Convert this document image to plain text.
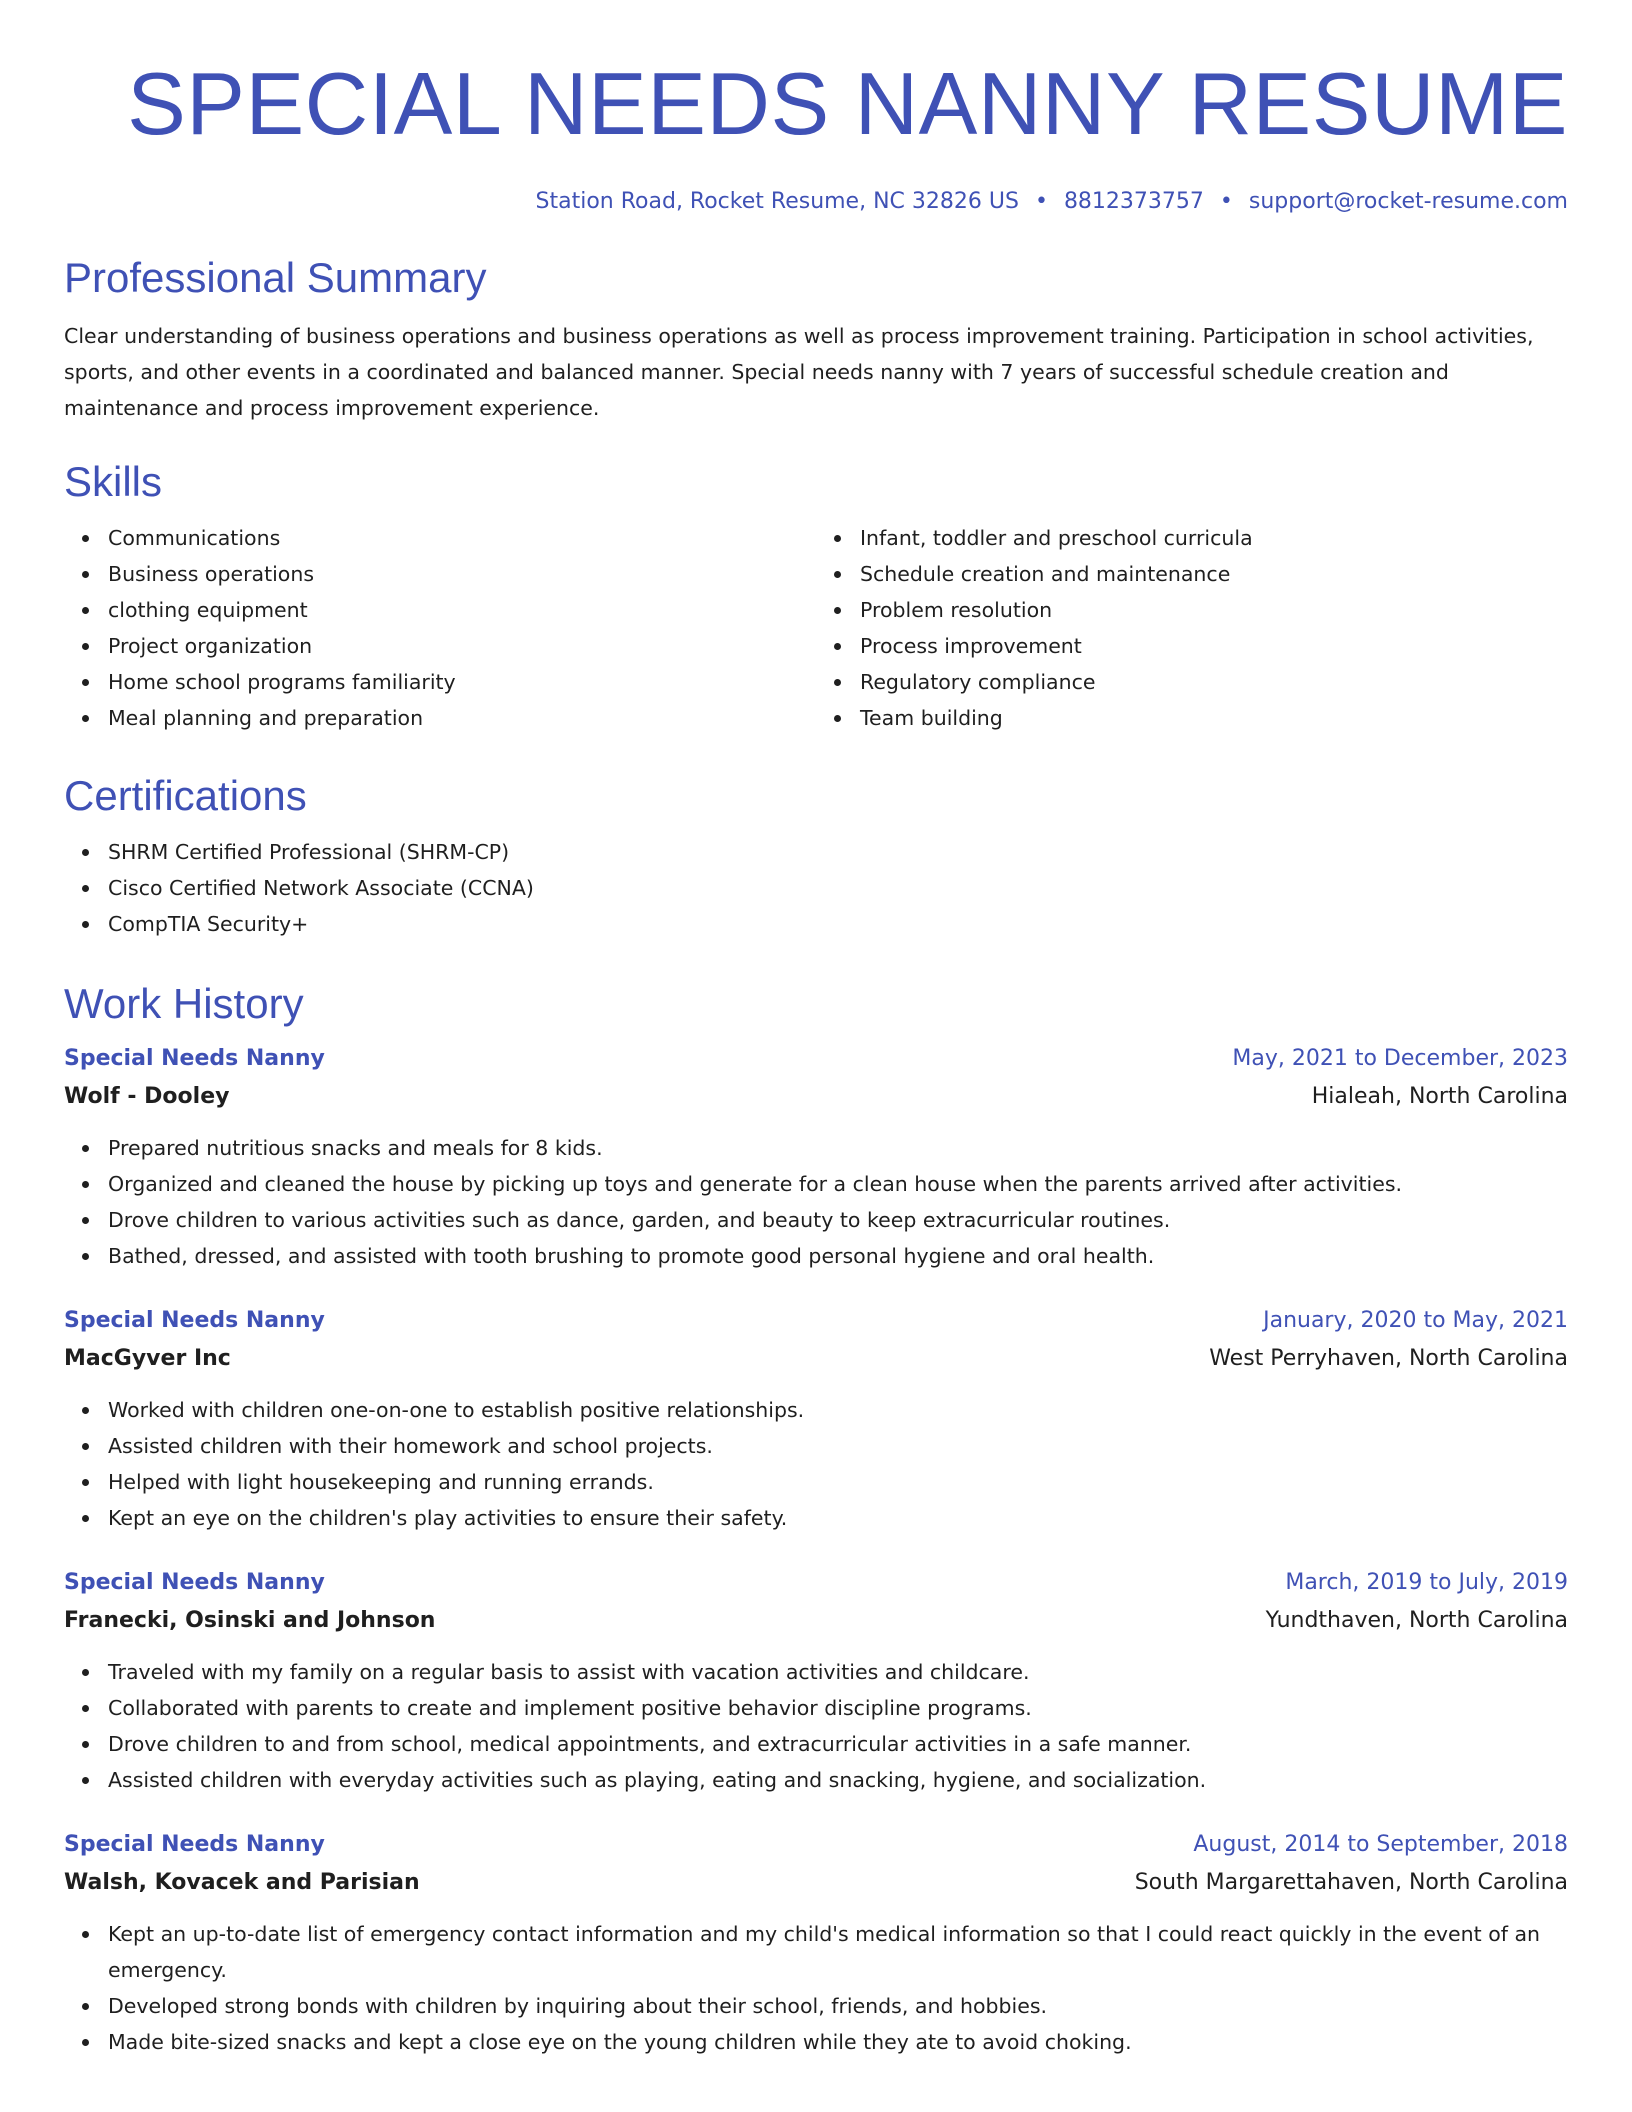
SPECIAL NEEDS NANNY RESUME
Station Road, Rocket Resume, NC 32826 US • 8812373757 • support@rocket-resume.com
Professional Summary

Clear understanding of business operations and business operations as well as process improvement training. Participation in school activities, sports, and other events in a coordinated and balanced manner. Special needs nanny with 7 years of successful schedule creation and maintenance and process improvement experience.

Skills
Communications
Business operations
clothing equipment
Project organization
Home school programs familiarity
Meal planning and preparation
Infant, toddler and preschool curricula
Schedule creation and maintenance
Problem resolution
Process improvement
Regulatory compliance
Team building
Certifications
SHRM Certified Professional (SHRM-CP)
Cisco Certified Network Associate (CCNA)
CompTIA Security+
Work History
Special Needs Nanny	May, 2021 to December, 2023
Wolf - Dooley	Hialeah, North Carolina
Prepared nutritious snacks and meals for 8 kids.
Organized and cleaned the house by picking up toys and generate for a clean house when the parents arrived after activities.
Drove children to various activities such as dance, garden, and beauty to keep extracurricular routines.
Bathed, dressed, and assisted with tooth brushing to promote good personal hygiene and oral health.
Special Needs Nanny	January, 2020 to May, 2021
MacGyver Inc	West Perryhaven, North Carolina
Worked with children one-on-one to establish positive relationships.
Assisted children with their homework and school projects.
Helped with light housekeeping and running errands.
Kept an eye on the children's play activities to ensure their safety.
Special Needs Nanny	March, 2019 to July, 2019
Franecki, Osinski and Johnson	Yundthaven, North Carolina
Traveled with my family on a regular basis to assist with vacation activities and childcare.
Collaborated with parents to create and implement positive behavior discipline programs.
Drove children to and from school, medical appointments, and extracurricular activities in a safe manner.
Assisted children with everyday activities such as playing, eating and snacking, hygiene, and socialization.
Special Needs Nanny	August, 2014 to September, 2018
Walsh, Kovacek and Parisian	South Margarettahaven, North Carolina
Kept an up-to-date list of emergency contact information and my child's medical information so that I could react quickly in the event of an emergency.
Developed strong bonds with children by inquiring about their school, friends, and hobbies.
Made bite-sized snacks and kept a close eye on the young children while they ate to avoid choking.
